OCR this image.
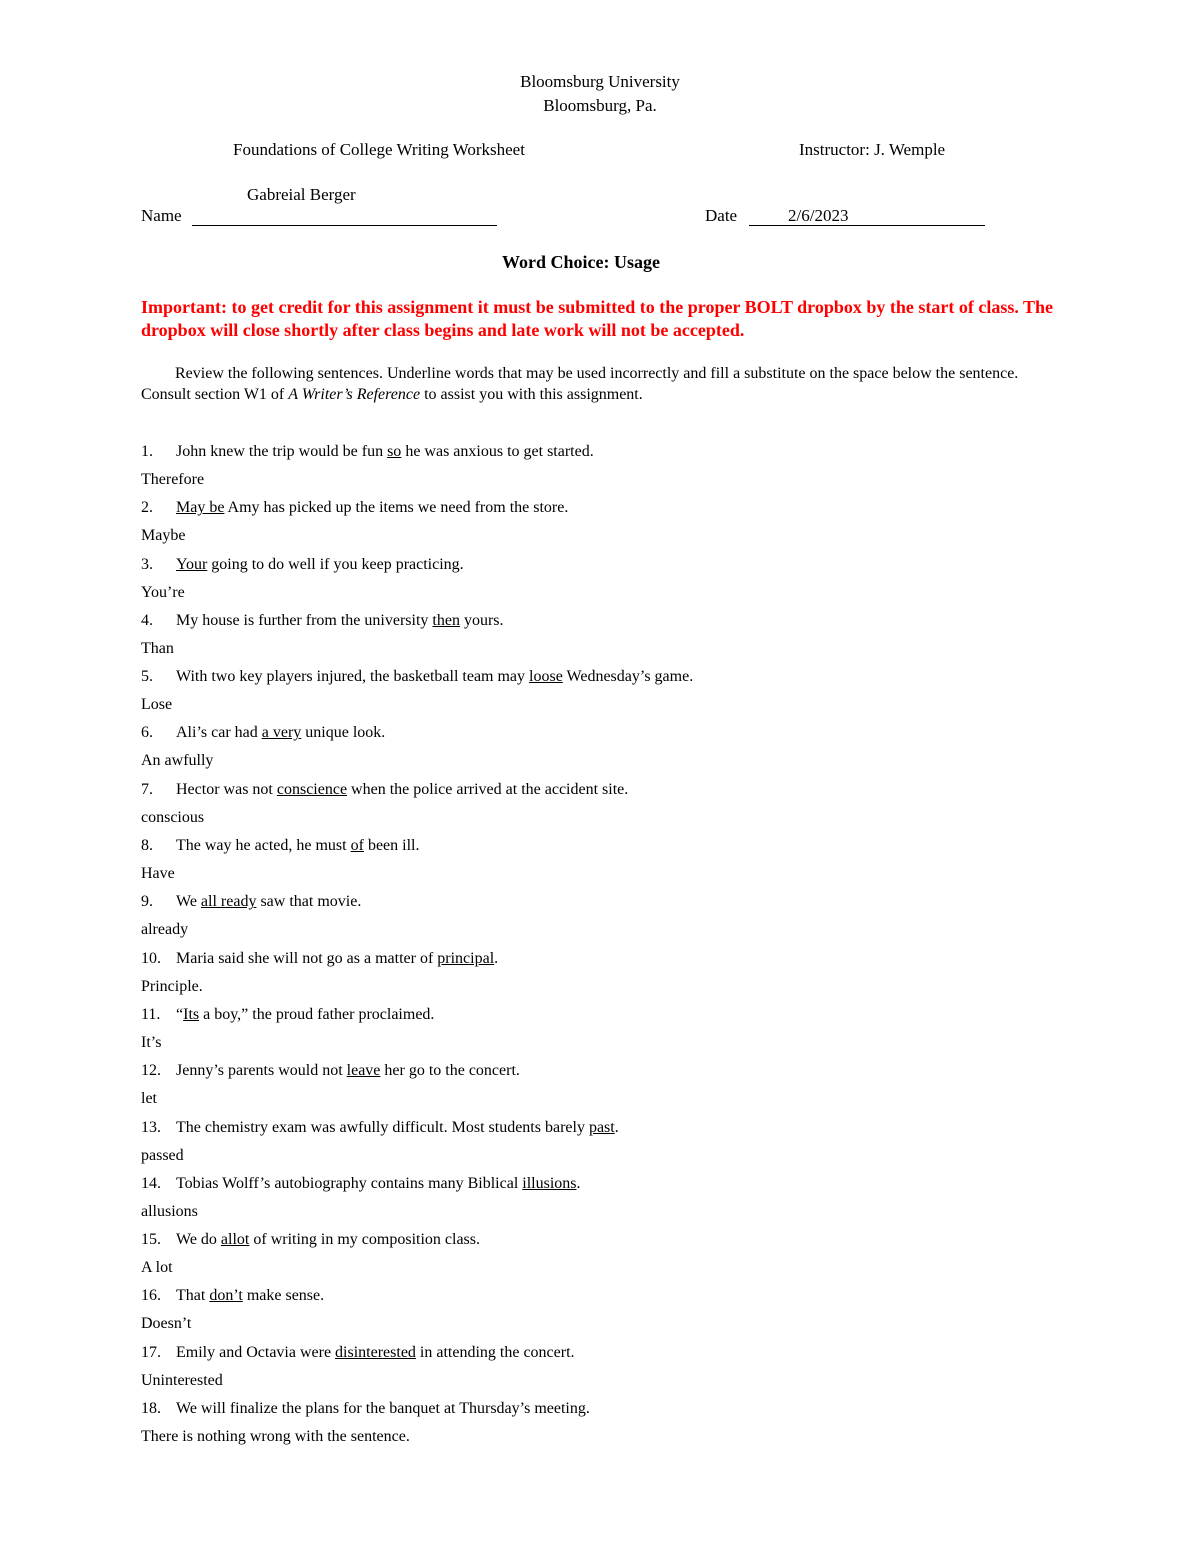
Bloomsburg University
Bloomsburg, Pa.
Foundations of College Writing Worksheet	Instructor: J. Wemple
Gabreial Berger
Name	Date	2/6/2023
Word Choice: Usage
Important: to get credit for this assignment it must be submitted to the proper BOLT dropbox by the start of class. The dropbox will close shortly after class begins and late work will not be accepted.
Review the following sentences. Underline words that may be used incorrectly and fill a substitute on the space below the sentence. Consult section W1 of A Writer’s Reference to assist you with this assignment.
1. John knew the trip would be fun so he was anxious to get started.
Therefore
2. May be Amy has picked up the items we need from the store.
Maybe
3. Your going to do well if you keep practicing.
You’re
4. My house is further from the university then yours.
Than
5. With two key players injured, the basketball team may loose Wednesday’s game.
Lose
6. Ali’s car had a very unique look.
An awfully
7. Hector was not conscience when the police arrived at the accident site.
conscious
8. The way he acted, he must of been ill.
Have
9. We all ready saw that movie.
already
10. Maria said she will not go as a matter of principal.
Principle.
11. “Its a boy,” the proud father proclaimed.
It’s
12. Jenny’s parents would not leave her go to the concert.
let
13. The chemistry exam was awfully difficult. Most students barely past.
passed
14. Tobias Wolff’s autobiography contains many Biblical illusions.
allusions
15. We do allot of writing in my composition class.
A lot
16. That don’t make sense.
Doesn’t
17. Emily and Octavia were disinterested in attending the concert.
Uninterested
18. We will finalize the plans for the banquet at Thursday’s meeting.
There is nothing wrong with the sentence.
